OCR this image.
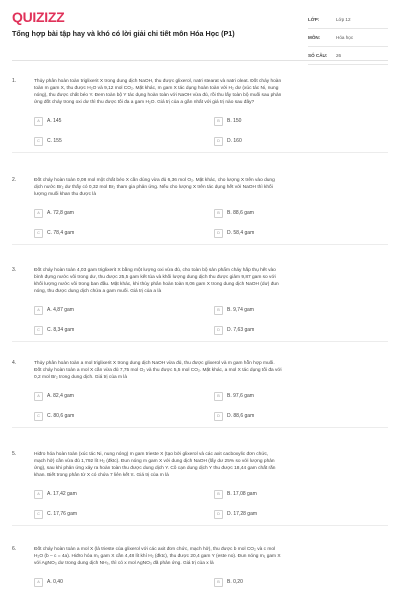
QUIZIZZ
Tổng hợp bài tập hay và khó có lời giải chi tiết môn Hóa Học (P1)
LỚP:	Lớp 12
MÔN:	Hóa học
SỐ CÂU:	26
1.	Thủy phân hoàn toàn triglixerit X trong dung dịch NaOH, thu được glixerol, natri stearat và natri oleat. Đốt cháy hoàn
toàn m gam X, thu được H₂O và 9,12 mol CO₂. Mặt khác, m gam X tác dụng hoàn toàn với H₂ dư (xúc tác Ni, nung
nóng), thu được chất béo Y. Đem toàn bộ Y tác dụng hoàn toàn với NaOH vừa đủ, rồi thu lấy toàn bộ muối sau phản
ứng đốt cháy trong oxi dư thì thu được tối đa a gam H₂O. Giá trị của a gần nhất với giá trị nào sau đây?
A	A. 145	B	B. 150
C	C. 155	D	D. 160
2.	Đốt cháy hoàn toàn 0,08 mol một chất béo X cần dùng vừa đủ 6,36 mol O₂. Mặt khác, cho lượng X trên vào dung
dịch nước Br₂ dư thấy có 0,32 mol Br₂ tham gia phản ứng. Nếu cho lượng X trên tác dụng hết với NaOH thì khối
lượng muối khan thu được là
A	A. 72,8 gam	B	B. 88,6 gam
C	C. 78,4 gam	D	D. 58,4 gam
3.	Đốt cháy hoàn toàn 4,03 gam triglixerit X bằng một lượng oxi vừa đủ, cho toàn bộ sản phẩm cháy hấp thụ hết vào
bình đựng nước vôi trong dư, thu được 25,5 gam kết tủa và khối lượng dung dịch thu được giảm 9,87 gam so với
khối lượng nước vôi trong ban đầu. Mặt khác, khi thủy phân hoàn toàn 8,06 gam X trong dung dịch NaOH (dư) đun
nóng, thu được dung dịch chứa a gam muối. Giá trị của a là
A	A. 4,87 gam	B	B. 9,74 gam
C	C. 8,34 gam	D	D. 7,63 gam
4.	Thủy phân hoàn toàn a mol triglixerit X trong dung dịch NaOH vừa đủ, thu được glixerol và m gam hỗn hợp muối.
Đốt cháy hoàn toàn a mol X cần vừa đủ 7,75 mol O₂ và thu được 5,5 mol CO₂. Mặt khác, a mol X tác dụng tối đa với
0,2 mol Br₂ trong dung dịch. Giá trị của m là
A	A. 82,4 gam	B	B. 97,6 gam
C	C. 80,6 gam	D	D. 88,6 gam
5.	Hiđro hóa hoàn toàn (xúc tác Ni, nung nóng) m gam trieste X (tạo bởi glixerol và các axit cacboxylic đơn chức,
mạch hở) cần vừa đủ 1,792 lít H₂ (đktc). Đun nóng m gam X với dung dịch NaOH (lấy dư 25% so với lượng phản
ứng), sau khi phản ứng xảy ra hoàn toàn thu được dung dịch Y. Cô cạn dung dịch Y thu được 18,44 gam chất rắn
khan. Biết trong phân tử X có chứa 7 liên kết π. Giá trị của m là
A	A. 17,42 gam	B	B. 17,08 gam
C	C. 17,76 gam	D	D. 17,28 gam
6.	Đốt cháy hoàn toàn a mol X (là trieste của glixerol với các axit đơn chức, mạch hở), thu được b mol CO₂ và c mol
H₂O (b – c = 4a). Hiđro hóa m₁ gam X cần 4,48 lít khí H₂ (đktc), thu được 20,4 gam Y (este no). Đun nóng m₁ gam X
với AgNO₃ dư trong dung dịch NH₃, thì có x mol AgNO₃ đã phản ứng. Giá trị của x là
A	A. 0,40	B	B. 0,20
